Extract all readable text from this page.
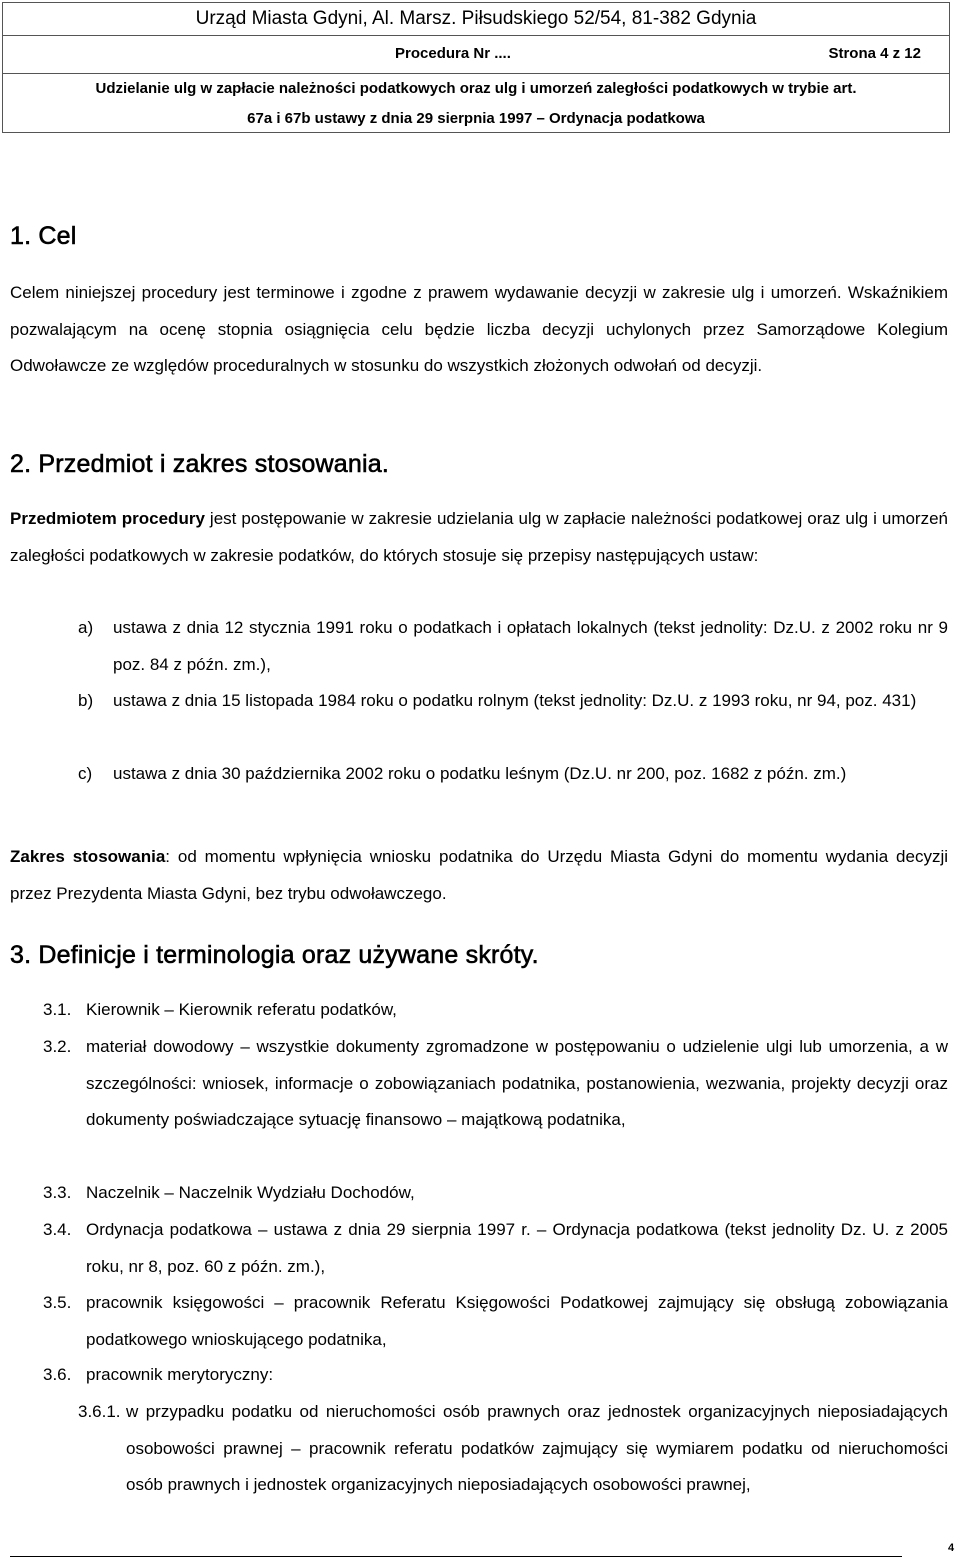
Urząd Miasta Gdyni, Al. Marsz. Piłsudskiego 52/54, 81-382 Gdynia
Procedura Nr ....	Strona 4 z 12
Udzielanie ulg w zapłacie należności podatkowych oraz ulg i umorzeń zaległości podatkowych w trybie art.
67a i 67b ustawy z dnia 29 sierpnia 1997 – Ordynacja podatkowa
1. Cel

Celem niniejszej procedury jest terminowe i zgodne z prawem wydawanie decyzji w zakresie ulg i umorzeń. Wskaźnikiem pozwalającym na ocenę stopnia osiągnięcia celu będzie liczba decyzji uchylonych przez Samorządowe Kolegium Odwoławcze ze względów proceduralnych w stosunku do wszystkich złożonych odwołań od decyzji.

2. Przedmiot i zakres stosowania.

Przedmiotem procedury jest postępowanie w zakresie udzielania ulg w zapłacie należności podatkowej oraz ulg i umorzeń zaległości podatkowych w zakresie podatków, do których stosuje się przepisy następujących ustaw:

a) ustawa z dnia 12 stycznia 1991 roku o podatkach i opłatach lokalnych (tekst jednolity: Dz.U. z 2002 roku nr 9 poz. 84 z późn. zm.),
b) ustawa z dnia 15 listopada 1984 roku o podatku rolnym (tekst jednolity: Dz.U. z 1993 roku, nr 94, poz. 431)
c) ustawa z dnia 30 października 2002 roku o podatku leśnym (Dz.U. nr 200, poz. 1682 z późn. zm.)

Zakres stosowania: od momentu wpłynięcia wniosku podatnika do Urzędu Miasta Gdyni do momentu wydania decyzji przez Prezydenta Miasta Gdyni, bez trybu odwoławczego.

3. Definicje i terminologia oraz używane skróty.
3.1. Kierownik – Kierownik referatu podatków,
3.2. materiał dowodowy – wszystkie dokumenty zgromadzone w postępowaniu o udzielenie ulgi lub umorzenia, a w szczególności: wniosek, informacje o zobowiązaniach podatnika, postanowienia, wezwania, projekty decyzji oraz dokumenty poświadczające sytuację finansowo – majątkową podatnika,
3.3. Naczelnik – Naczelnik Wydziału Dochodów,
3.4. Ordynacja podatkowa – ustawa z dnia 29 sierpnia 1997 r. – Ordynacja podatkowa (tekst jednolity Dz. U. z 2005 roku, nr 8, poz. 60 z późn. zm.),
3.5. pracownik księgowości – pracownik Referatu Księgowości Podatkowej zajmujący się obsługą zobowiązania podatkowego wnioskującego podatnika,
3.6. pracownik merytoryczny:
3.6.1. w przypadku podatku od nieruchomości osób prawnych oraz jednostek organizacyjnych nieposiadających osobowości prawnej – pracownik referatu podatków zajmujący się wymiarem podatku od nieruchomości osób prawnych i jednostek organizacyjnych nieposiadających osobowości prawnej,
4
